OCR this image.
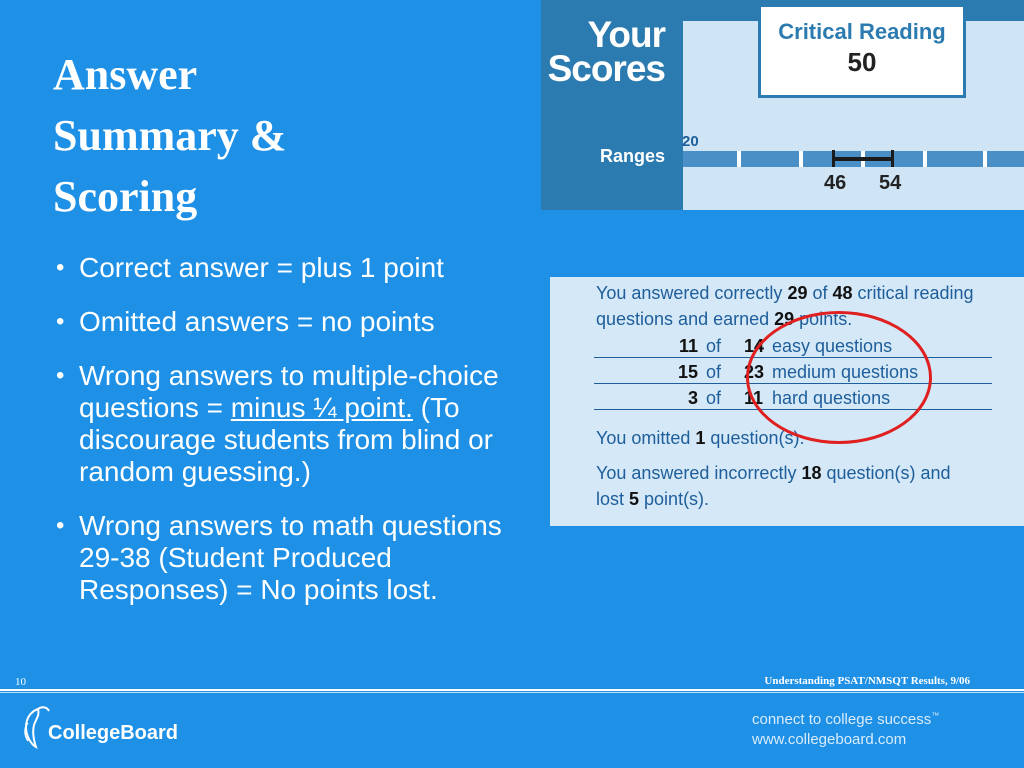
Answer Summary & Scoring
• Correct answer = plus 1 point
• Omitted answers = no points
• Wrong answers to multiple-choice questions = minus ¼ point. (To discourage students from blind or random guessing.)
• Wrong answers to math questions 29-38 (Student Produced Responses) = No points lost.
Your
Scores
Ranges
Critical Reading
50
20
46 54
You answered correctly 29 of 48 critical reading
questions and earned 29 points.
11 of 14 easy questions
15 of 23 medium questions
3 of 11 hard questions
You omitted 1 question(s).
You answered incorrectly 18 question(s) and
lost 5 point(s).
10	Understanding PSAT/NMSQT Results, 9/06
CollegeBoard
connect to college success™
www.collegeboard.com
